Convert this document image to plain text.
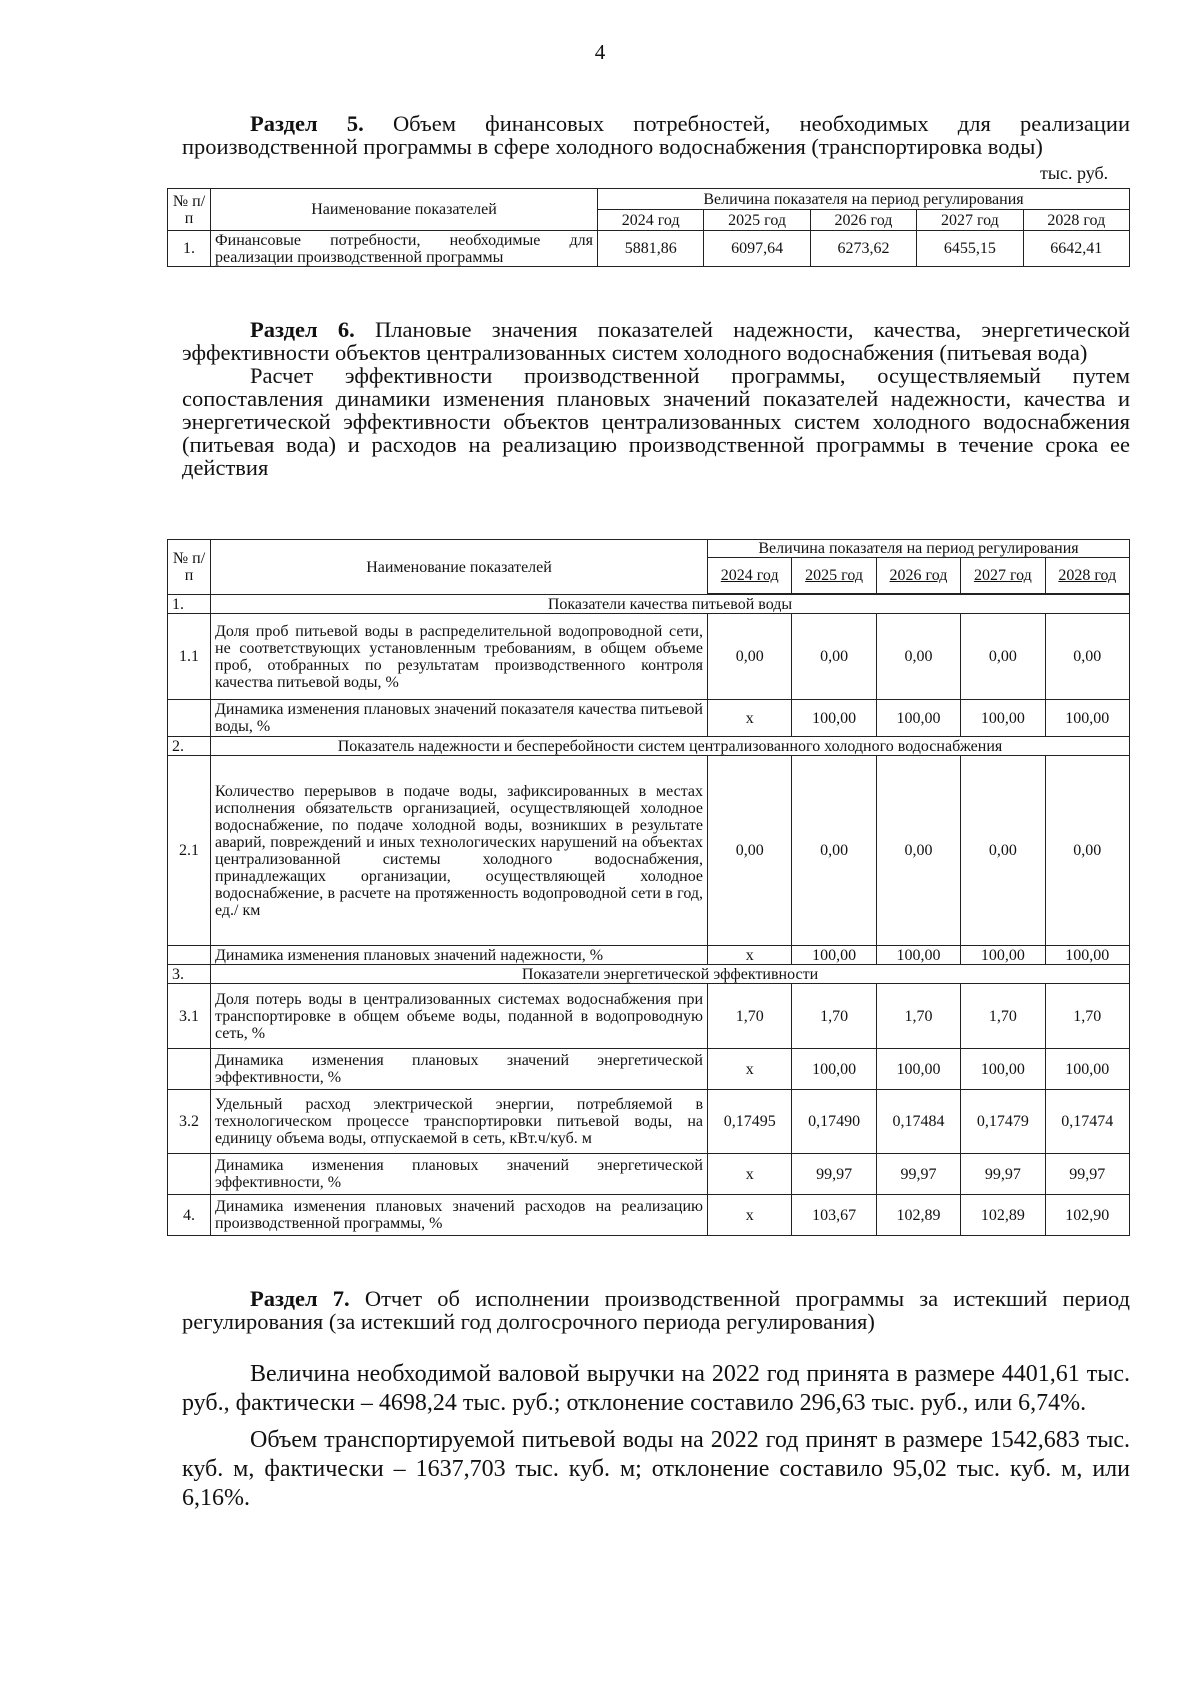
4

Раздел 5. Объем финансовых потребностей, необходимых для реализации производственной программы в сфере холодного водоснабжения (транспортировка воды)

тыс. руб.
№ п/п	Наименование показателей	Величина показателя на период регулирования				
		2024 год	2025 год	2026 год	2027 год	2028 год
1.	Финансовые потребности, необходимые для реализации производственной программы	5881,86	6097,64	6273,62	6455,15	6642,41

Раздел 6. Плановые значения показателей надежности, качества, энергетической эффективности объектов централизованных систем холодного водоснабжения (питьевая вода)

Расчет эффективности производственной программы, осуществляемый путем сопоставления динамики изменения плановых значений показателей надежности, качества и энергетической эффективности объектов централизованных систем холодного водоснабжения (питьевая вода) и расходов на реализацию производственной программы в течение срока ее действия

№ п/ п	Наименование показателей	Величина показателя на период регулирования				
		2024 год	2025 год	2026 год	2027 год	2028 год

1.	Показатели качества питьевой воды					
1.1	Доля проб питьевой воды в распределительной водопроводной сети, не соответствующих установленным требованиям, в общем объеме проб, отобранных по результатам производственного контроля качества питьевой воды, %	0,00	0,00	0,00	0,00	0,00
	Динамика изменения плановых значений показателя качества питьевой воды, %	х	100,00	100,00	100,00	100,00
2.	Показатель надежности и бесперебойности систем централизованного холодного водоснабжения					
2.1	Количество перерывов в подаче воды, зафиксированных в местах исполнения обязательств организацией, осуществляющей холодное водоснабжение, по подаче холодной воды, возникших в результате аварий, повреждений и иных технологических нарушений на объектах централизованной системы холодного водоснабжения, принадлежащих организации, осуществляющей холодное водоснабжение, в расчете на протяженность водопроводной сети в год, ед./ км	0,00	0,00	0,00	0,00	0,00
	Динамика изменения плановых значений надежности, %	х	100,00	100,00	100,00	100,00
3.	Показатели энергетической эффективности					
3.1	Доля потерь воды в централизованных системах водоснабжения при транспортировке в общем объеме воды, поданной в водопроводную сеть, %	1,70	1,70	1,70	1,70	1,70
	Динамика изменения плановых значений энергетической эффективности, %	х	100,00	100,00	100,00	100,00
3.2	Удельный расход электрической энергии, потребляемой в технологическом процессе транспортировки питьевой воды, на единицу объема воды, отпускаемой в сеть, кВт.ч/куб. м	0,17495	0,17490	0,17484	0,17479	0,17474
	Динамика изменения плановых значений энергетической эффективности, %	х	99,97	99,97	99,97	99,97
4.	Динамика изменения плановых значений расходов на реализацию производственной программы, %	х	103,67	102,89	102,89	102,90

Раздел 7. Отчет об исполнении производственной программы за истекший период регулирования (за истекший год долгосрочного периода регулирования)

Величина необходимой валовой выручки на 2022 год принята в размере 4401,61 тыс. руб., фактически – 4698,24 тыс. руб.; отклонение составило 296,63 тыс. руб., или 6,74%.

Объем транспортируемой питьевой воды на 2022 год принят в размере 1542,683 тыс. куб. м, фактически – 1637,703 тыс. куб. м; отклонение составило 95,02 тыс. куб. м, или 6,16%.
